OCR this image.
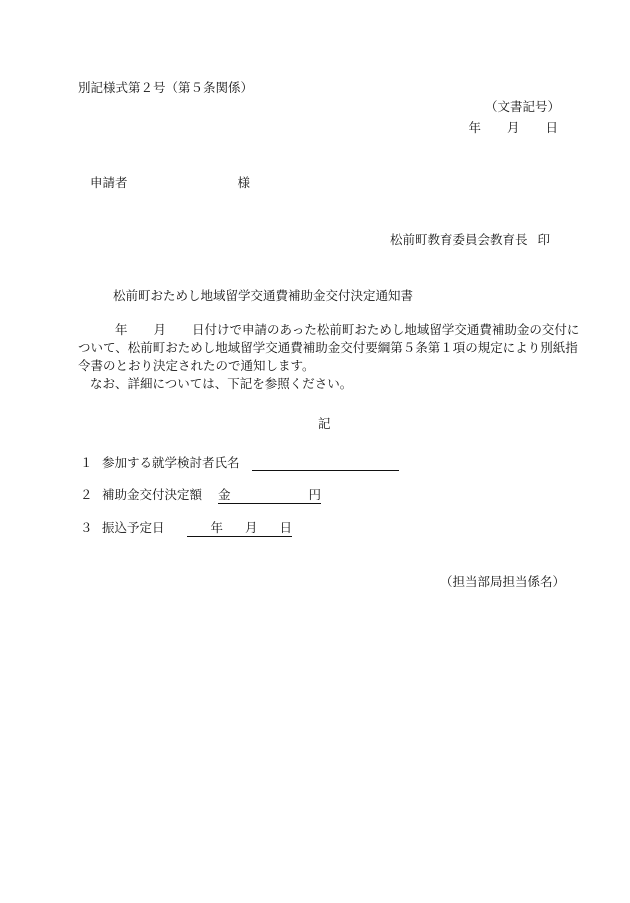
別記様式第２号（第５条関係）
（文書記号）
年 月 日
申請者	様
松前町教育委員会教育長 印
松前町おためし地域留学交通費補助金交付決定通知書

年 月 日付けで申請のあった松前町おためし地域留学交通費補助金の交付に

ついて、松前町おためし地域留学交通費補助金交付要綱第５条第１項の規定により別紙指

令書のとおり決定されたので通知します。

なお、詳細については、下記を参照ください。

記
１ 参加する就学検討者氏名
２ 補助金交付決定額 金	円
３ 振込予定日	年 月 日
（担当部局担当係名）
